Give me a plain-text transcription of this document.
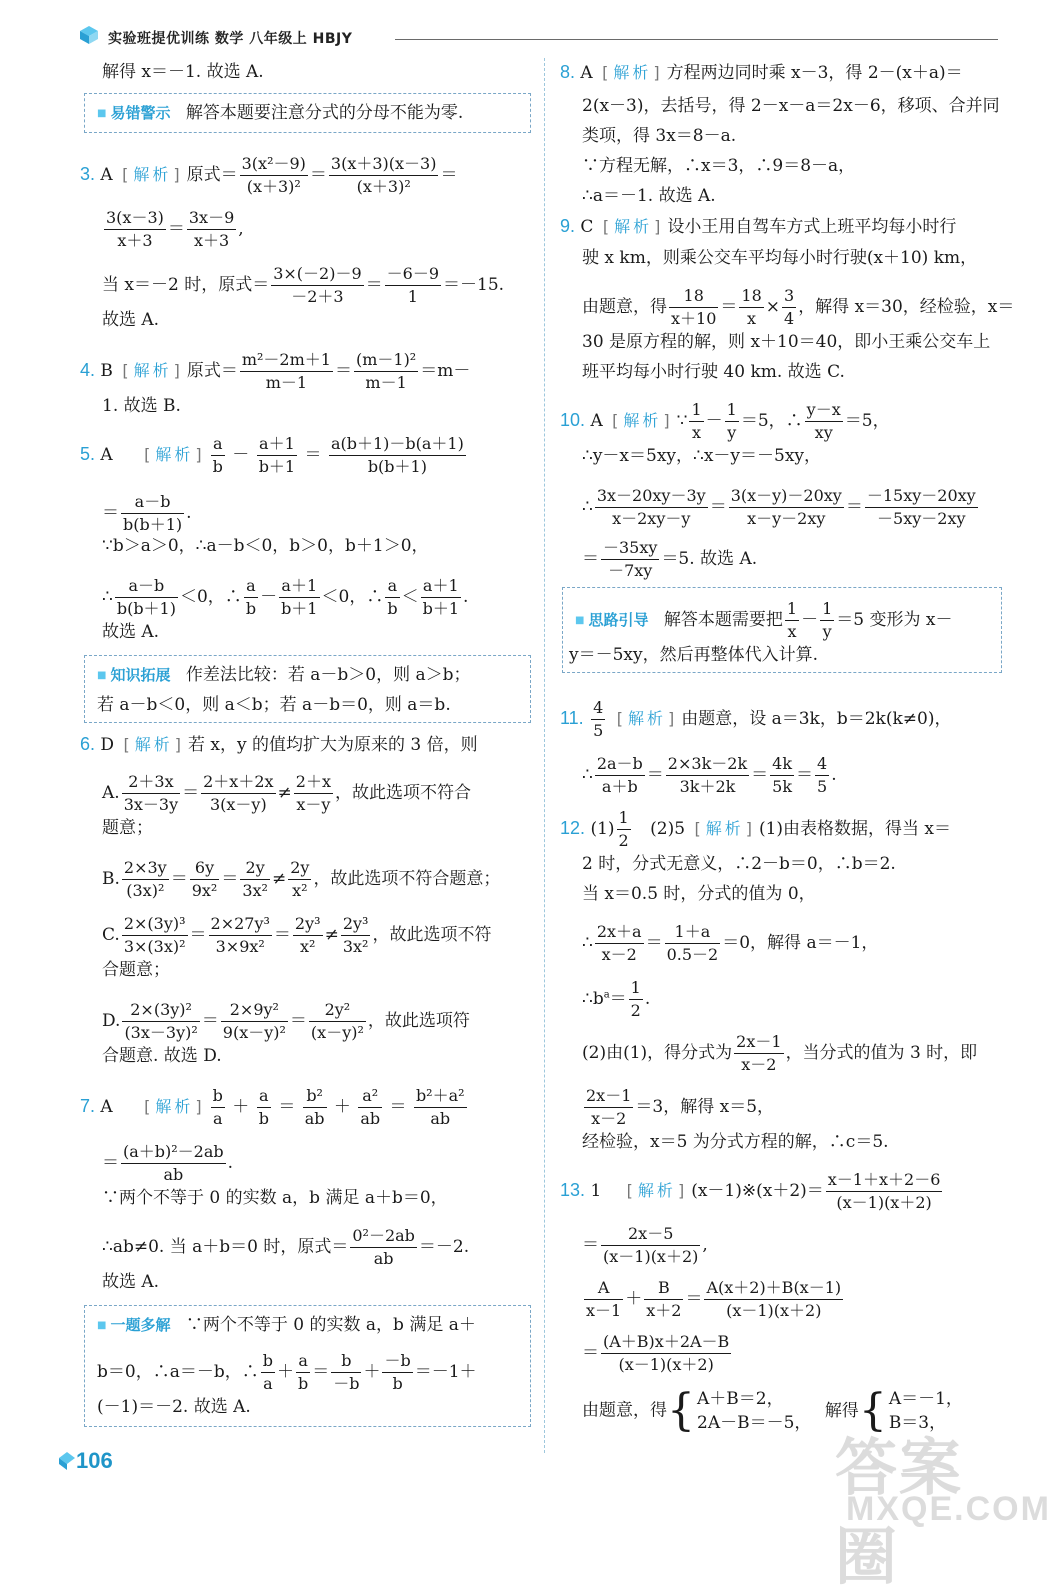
实验班提优训练 数学 八年级上 HBJY
解得 x＝－1. 故选 A.
■ 易错警示 解答本题要注意分式的分母不能为零.
3. A [ 解析 ] 原式＝ $\frac{\text{3(x²－9)}}{\text{(x＋3)²}} = \frac{3(x+3)(x-3)}{\text{(x＋3)²}}$ ＝
$\frac{3(x-3)}{x+3} = \frac{3x-9}{x+3}$ ,
当 x＝－2 时，原式＝ $\frac{3\times(-2)-9}{-2+3} = \frac{-6-9}{1} =-15$.
故选 A.
4. B [ 解析 ] 原式＝ $\frac{\text{m²－2m＋1}}{m-1} = \frac{\text{(m－1)²}}{m-1} =m-$
1. 故选 B.
5. A	[ 解析 ] $\frac{a}{b} - \frac{a+1}{b+1} = \frac{a(b+1)-b(a+1)}{b(b+1)}$
＝ $\frac{a-b}{b(b+1)}$ .
∵b＞a＞0，∴a－b＜0，b＞0，b＋1＞0，
∴ $\frac{a-b}{b(b+1)} <0$，∴ $\frac{a}{b} - \frac{a+1}{b+1} <0$，∴ $\frac{a}{b} < \frac{a+1}{b+1}$ .
故选 A.
■ 知识拓展 作差法比较：若 a－b＞0，则 a＞b；
若 a－b＜0，则 a＜b；若 a－b＝0，则 a＝b.
6. D [ 解析 ] 若 x，y 的值均扩大为原来的 3 倍，则
A. $\frac{2+3x}{3x-3y} = \frac{2+x+2x}{3(x-y)} \ne \frac{2+x}{x-y}$ ，故此选项不符合
题意；
B. $\frac{2\times 3y}{\text{(3x)²}} = \frac{6y}{\text{9x²}} = \frac{2y}{\text{3x²}} \ne \frac{2y}{\text{x²}}$ ，故此选项不符合题意；
C. $\frac{\text{2×(3y)³}}{\text{3×(3x)²}} = \frac{\text{2×27y³}}{\text{3×9x²}} = \frac{\text{2y³}}{\text{x²}} \ne \frac{\text{2y³}}{\text{3x²}}$ ，故此选项不符
合题意；
D. $\frac{\text{2×(3y)²}}{\text{(3x－3y)²}} = \frac{\text{2×9y²}}{\text{9(x－y)²}} = \frac{\text{2y²}}{\text{(x－y)²}}$ ，故此选项符
合题意. 故选 D.
7. A	[ 解析 ] $\frac{b}{a} + \frac{a}{b} = \frac{\text{b²}}{ab} + \frac{\text{a²}}{ab} = \frac{\text{b²＋a²}}{ab}$
＝ $\frac{\text{(a＋b)²－2ab}}{ab}$ .
∵两个不等于 0 的实数 a，b 满足 a＋b＝0，
∴ab≠0. 当 a＋b＝0 时，原式＝ $\frac{\text{0²－2ab}}{ab} =-2$.
故选 A.
■ 一题多解 ∵两个不等于 0 的实数 a，b 满足 a＋
b＝0，∴a＝－b，∴ $\frac{b}{a} + \frac{a}{b} = \frac{b}{-b} + \frac{-b}{b} =-1+$
(－1)＝－2. 故选 A.
8. A [ 解析 ] 方程两边同时乘 x－3，得 2－(x＋a)＝
2(x－3)，去括号，得 2－x－a＝2x－6，移项、合并同
类项，得 3x＝8－a.
∵方程无解，∴x＝3，∴9＝8－a，
∴a＝－1. 故选 A.
9. C [ 解析 ] 设小王用自驾车方式上班平均每小时行
驶 x km，则乘公交车平均每小时行驶(x＋10) km，
由题意，得 $\frac{18}{x+10} = \frac{18}{x} \times \frac{3}{4}$ ，解得 x＝30，经检验，x＝
30 是原方程的解，则 x＋10＝40，即小王乘公交车上
班平均每小时行驶 40 km. 故选 C.
10. A [ 解析 ] ∵ $\frac{1}{x} - \frac{1}{y} =5$，∴ $\frac{y-x}{xy} =5$，
∴y－x＝5xy，∴x－y＝－5xy，
∴ $\frac{3x-20xy-3y}{x-2xy-y} = \frac{3(x-y)-20xy}{x-y-2xy} = \frac{-15xy-20xy}{-5xy-2xy}$
＝ $\frac{-35xy}{-7xy} =5$. 故选 A.
■ 思路引导 解答本题需要把 $\frac{1}{x} - \frac{1}{y} =5$ 变形为 x－
y＝－5xy，然后再整体代入计算.
11. $\frac{4}{5}$ [ 解析 ] 由题意，设 a＝3k，b＝2k(k≠0)，
∴ $\frac{2a-b}{a+b} = \frac{2\times 3k-2k}{3k+2k} = \frac{4k}{5k} = \frac{4}{5}$ .
12. $(1) \frac{1}{2} (2)5$ [ 解析 ] (1)由表格数据，得当 x＝
2 时，分式无意义，∴2－b＝0，∴b＝2.
当 x＝0.5 时，分式的值为 0，
∴ $\frac{2x+a}{x-2} = \frac{1+a}{0.5-2} =0$，解得 a＝－1，
$\therefore b^a= \frac{1}{2}$ .
(2)由(1)，得分式为 $\frac{2x-1}{x-2}$ ，当分式的值为 3 时，即
$\frac{2x-1}{x-2} =3$，解得 x＝5，
经检验，x＝5 为分式方程的解，∴c＝5.
13. 1 [ 解析 ] (x－1)※(x＋2)＝ $\frac{x-1+x+2-6}{(x-1)(x+2)}$
＝ $\frac{2x-5}{(x-1)(x+2)}$ ,
$\frac{A}{x-1} + \frac{B}{x+2} = \frac{A(x+2)+B(x-1)}{(x-1)(x+2)}$
＝ $\frac{(A+B)x+2A-B}{(x-1)(x+2)}$
由题意，得{ A＋B＝2，
2A－B＝－5，
解得{ A＝－1，
B＝3，
106	答案圈
MXQE.COM
